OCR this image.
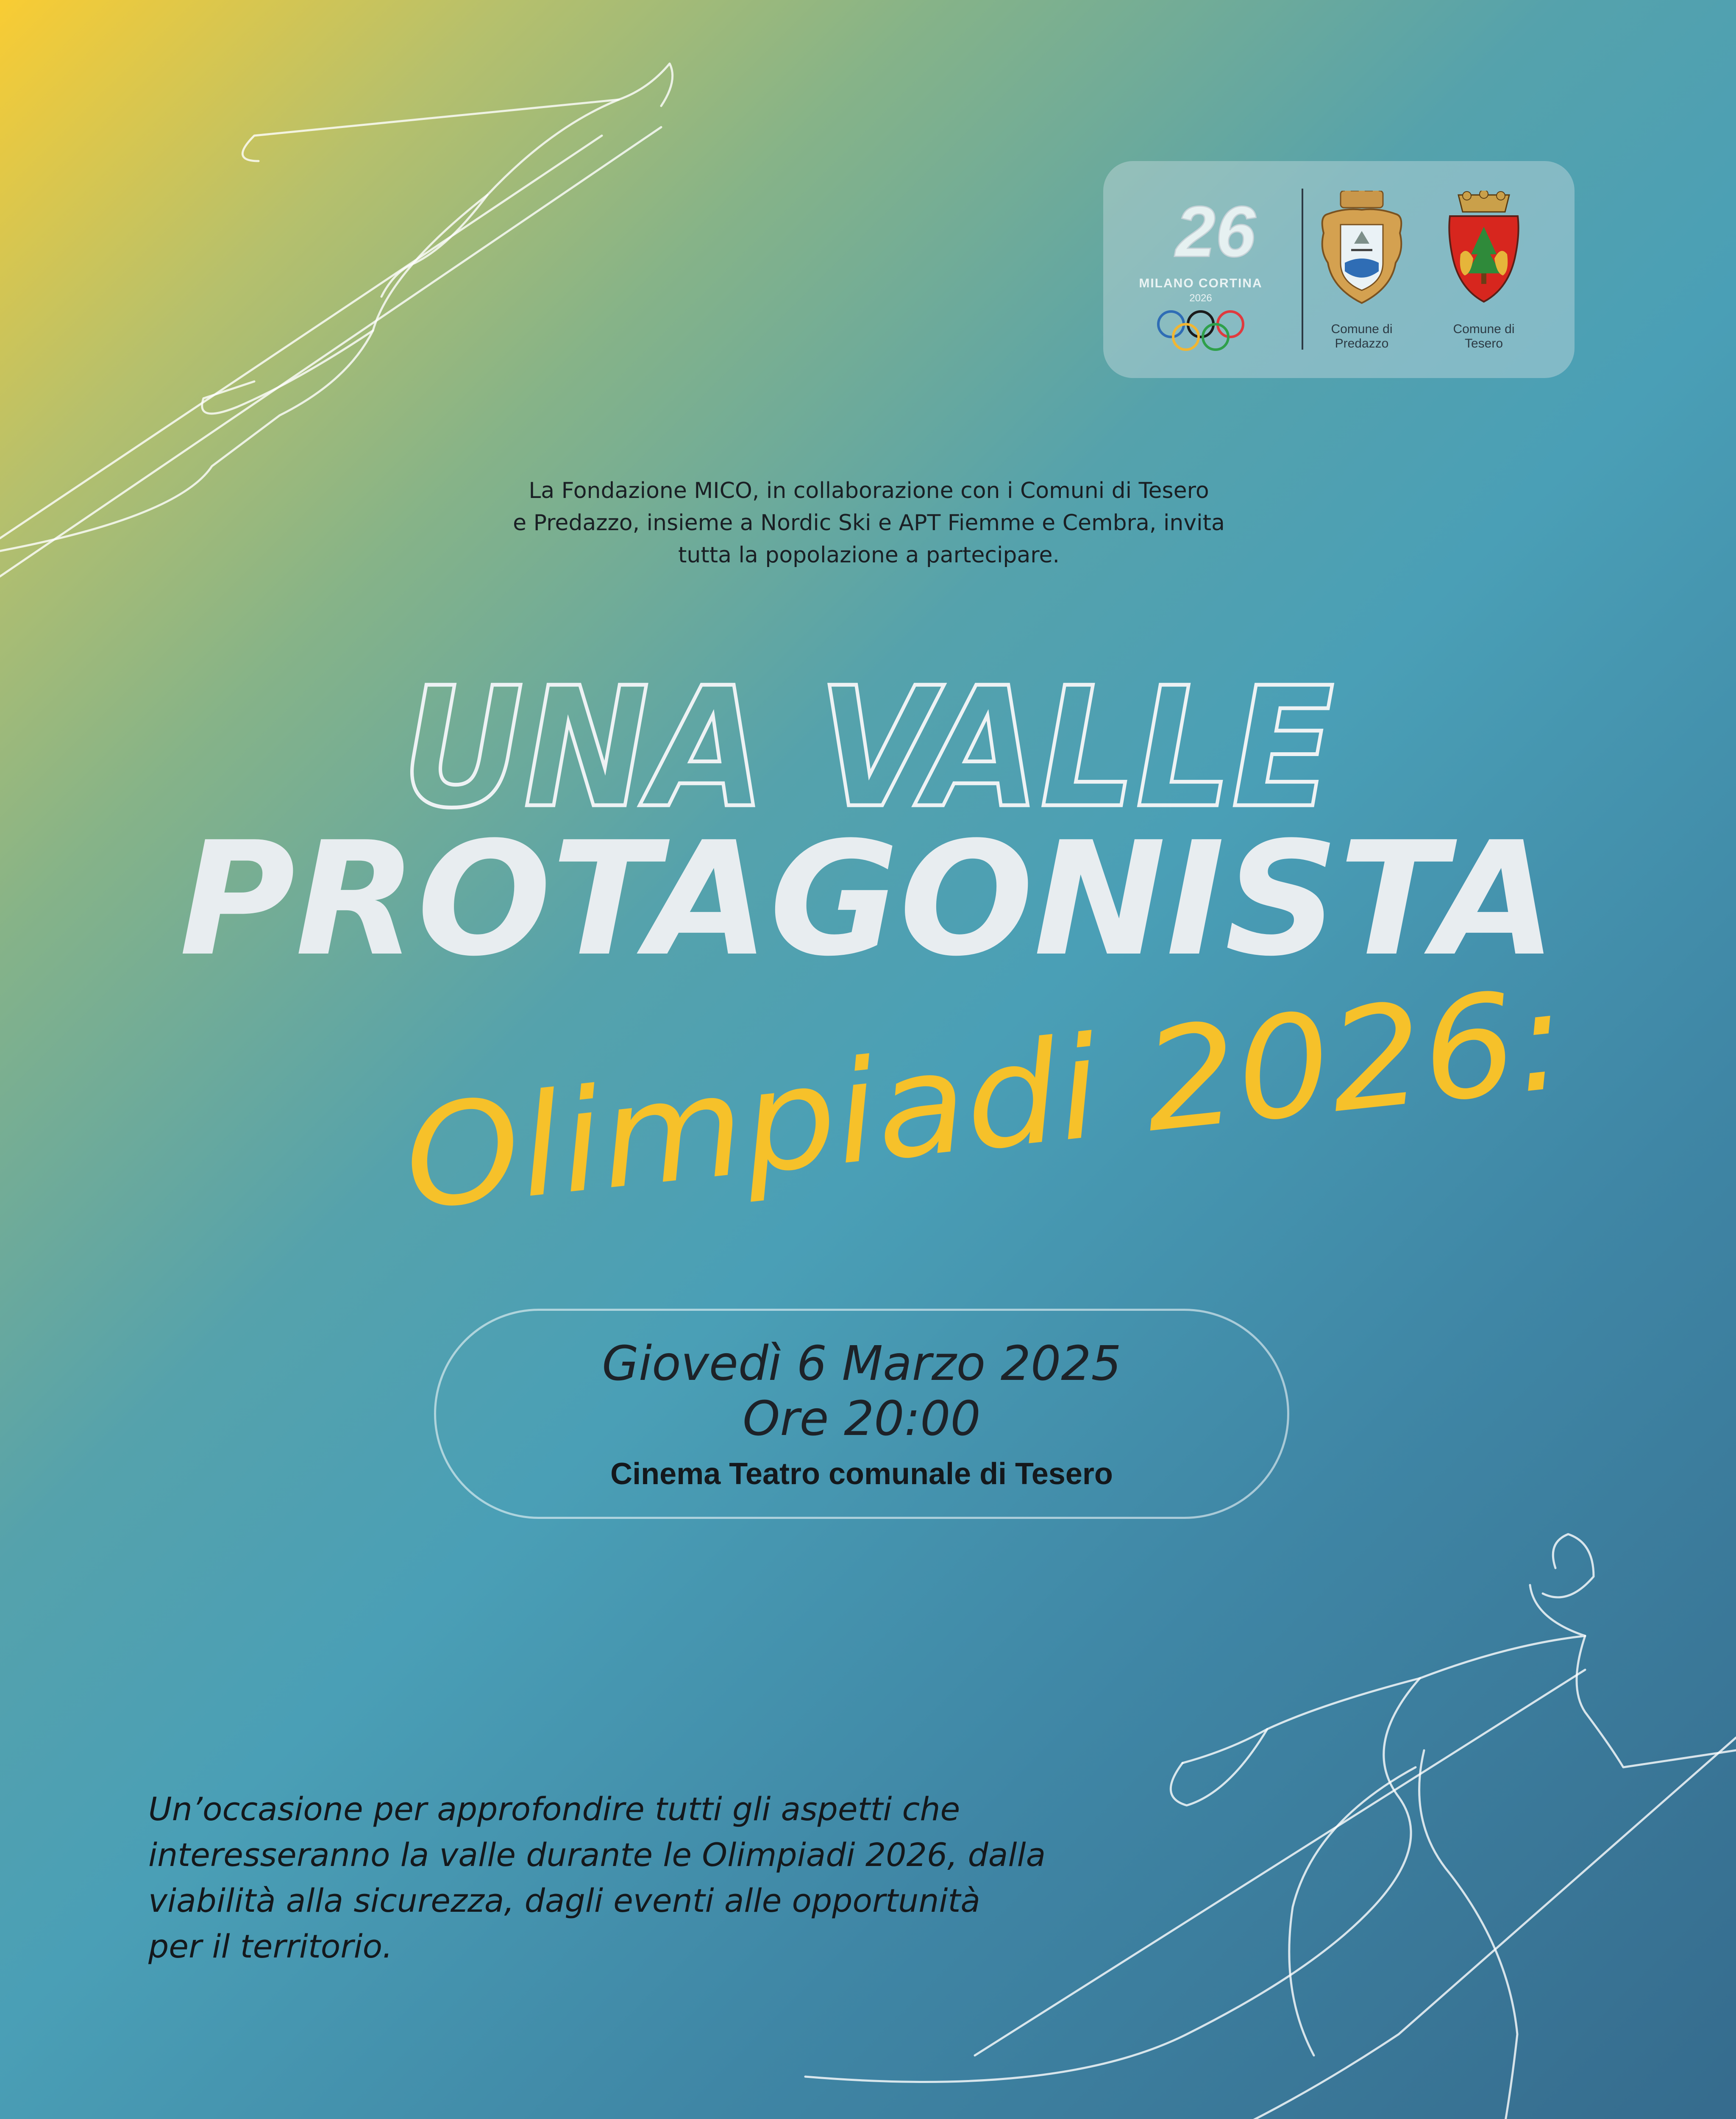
26
MILANO CORTINA
2026
Comune di
Predazzo
Comune di
Tesero
La Fondazione MICO, in collaborazione con i Comuni di Tesero
e Predazzo, insieme a Nordic Ski e APT Fiemme e Cembra, invita
tutta la popolazione a partecipare.
UNA VALLE
PROTAGONISTA
Olimpiadi 2026:
Giovedì 6 Marzo 2025
Ore 20:00
Cinema Teatro comunale di Tesero
Un’occasione per approfondire tutti gli aspetti che
interesseranno la valle durante le Olimpiadi 2026, dalla
viabilità alla sicurezza, dagli eventi alle opportunità
per il territorio.
